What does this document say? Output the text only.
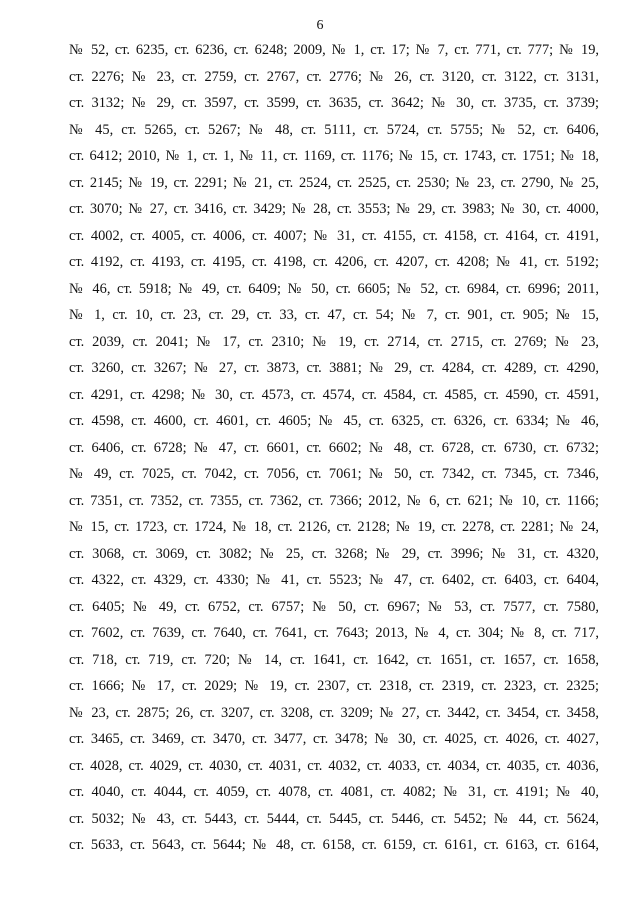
6
№ 52, ст. 6235, ст. 6236, ст. 6248; 2009, № 1, ст. 17; № 7, ст. 771, ст. 777; № 19,
ст. 2276; № 23, ст. 2759, ст. 2767, ст. 2776; № 26, ст. 3120, ст. 3122, ст. 3131,
ст. 3132; № 29, ст. 3597, ст. 3599, ст. 3635, ст. 3642; № 30, ст. 3735, ст. 3739;
№ 45, ст. 5265, ст. 5267; № 48, ст. 5111, ст. 5724, ст. 5755; № 52, ст. 6406,
ст. 6412; 2010, № 1, ст. 1, № 11, ст. 1169, ст. 1176; № 15, ст. 1743, ст. 1751; № 18,
ст. 2145; № 19, ст. 2291; № 21, ст. 2524, ст. 2525, ст. 2530; № 23, ст. 2790, № 25,
ст. 3070; № 27, ст. 3416, ст. 3429; № 28, ст. 3553; № 29, ст. 3983; № 30, ст. 4000,
ст. 4002, ст. 4005, ст. 4006, ст. 4007; № 31, ст. 4155, ст. 4158, ст. 4164, ст. 4191,
ст. 4192, ст. 4193, ст. 4195, ст. 4198, ст. 4206, ст. 4207, ст. 4208; № 41, ст. 5192;
№ 46, ст. 5918; № 49, ст. 6409; № 50, ст. 6605; № 52, ст. 6984, ст. 6996; 2011,
№ 1, ст. 10, ст. 23, ст. 29, ст. 33, ст. 47, ст. 54; № 7, ст. 901, ст. 905; № 15,
ст. 2039, ст. 2041; № 17, ст. 2310; № 19, ст. 2714, ст. 2715, ст. 2769; № 23,
ст. 3260, ст. 3267; № 27, ст. 3873, ст. 3881; № 29, ст. 4284, ст. 4289, ст. 4290,
ст. 4291, ст. 4298; № 30, ст. 4573, ст. 4574, ст. 4584, ст. 4585, ст. 4590, ст. 4591,
ст. 4598, ст. 4600, ст. 4601, ст. 4605; № 45, ст. 6325, ст. 6326, ст. 6334; № 46,
ст. 6406, ст. 6728; № 47, ст. 6601, ст. 6602; № 48, ст. 6728, ст. 6730, ст. 6732;
№ 49, ст. 7025, ст. 7042, ст. 7056, ст. 7061; № 50, ст. 7342, ст. 7345, ст. 7346,
ст. 7351, ст. 7352, ст. 7355, ст. 7362, ст. 7366; 2012, № 6, ст. 621; № 10, ст. 1166;
№ 15, ст. 1723, ст. 1724, № 18, ст. 2126, ст. 2128; № 19, ст. 2278, ст. 2281; № 24,
ст. 3068, ст. 3069, ст. 3082; № 25, ст. 3268; № 29, ст. 3996; № 31, ст. 4320,
ст. 4322, ст. 4329, ст. 4330; № 41, ст. 5523; № 47, ст. 6402, ст. 6403, ст. 6404,
ст. 6405; № 49, ст. 6752, ст. 6757; № 50, ст. 6967; № 53, ст. 7577, ст. 7580,
ст. 7602, ст. 7639, ст. 7640, ст. 7641, ст. 7643; 2013, № 4, ст. 304; № 8, ст. 717,
ст. 718, ст. 719, ст. 720; № 14, ст. 1641, ст. 1642, ст. 1651, ст. 1657, ст. 1658,
ст. 1666; № 17, ст. 2029; № 19, ст. 2307, ст. 2318, ст. 2319, ст. 2323, ст. 2325;
№ 23, ст. 2875; 26, ст. 3207, ст. 3208, ст. 3209; № 27, ст. 3442, ст. 3454, ст. 3458,
ст. 3465, ст. 3469, ст. 3470, ст. 3477, ст. 3478; № 30, ст. 4025, ст. 4026, ст. 4027,
ст. 4028, ст. 4029, ст. 4030, ст. 4031, ст. 4032, ст. 4033, ст. 4034, ст. 4035, ст. 4036,
ст. 4040, ст. 4044, ст. 4059, ст. 4078, ст. 4081, ст. 4082; № 31, ст. 4191; № 40,
ст. 5032; № 43, ст. 5443, ст. 5444, ст. 5445, ст. 5446, ст. 5452; № 44, ст. 5624,
ст. 5633, ст. 5643, ст. 5644; № 48, ст. 6158, ст. 6159, ст. 6161, ст. 6163, ст. 6164,
